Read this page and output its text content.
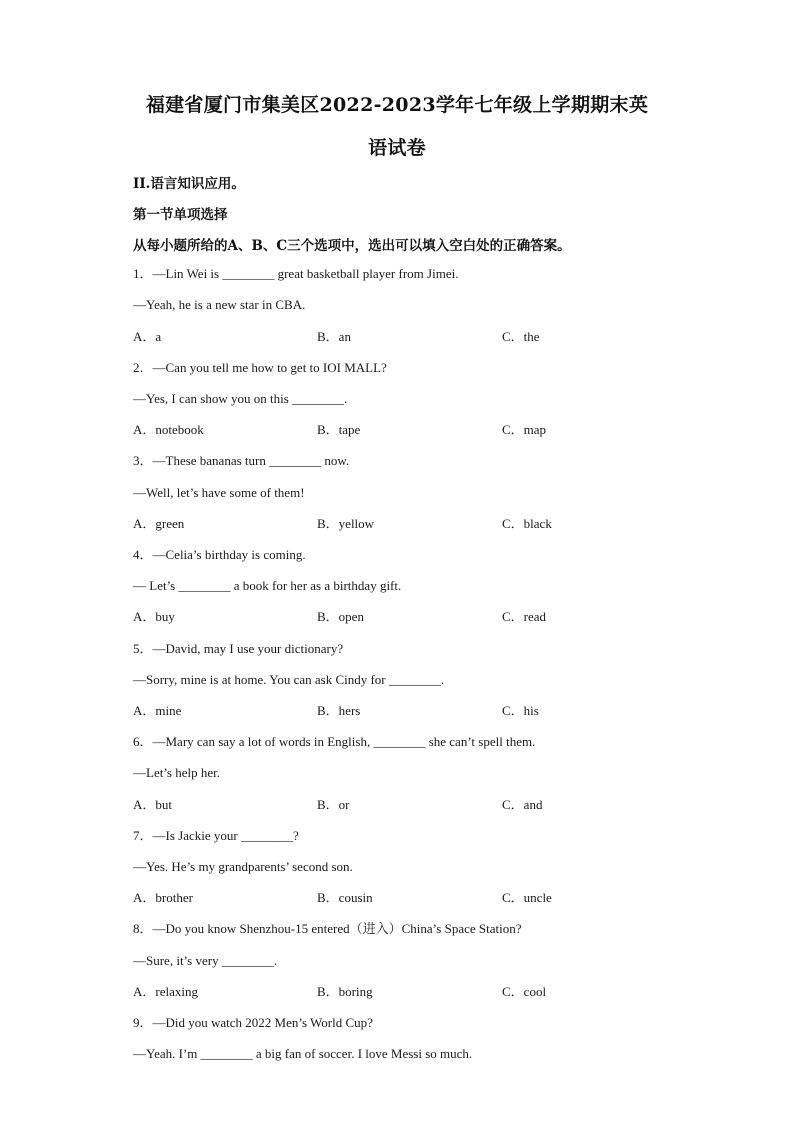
福建省厦门市集美区2022-2023学年七年级上学期期末英
语试卷
II.语言知识应用。
第一节单项选择
从每小题所给的A、B、C三个选项中，选出可以填入空白处的正确答案。
1．—Lin Wei is ________ great basketball player from Jimei.
—Yeah, he is a new star in CBA.
A．a	B．an	C．the
2．—Can you tell me how to get to IOI MALL?
—Yes, I can show you on this ________.
A．notebook	B．tape	C．map
3．—These bananas turn ________ now.
—Well, let’s have some of them!
A．green	B．yellow	C．black
4．—Celia’s birthday is coming.
— Let’s ________ a book for her as a birthday gift.
A．buy	B．open	C．read
5．—David, may I use your dictionary?
—Sorry, mine is at home. You can ask Cindy for ________.
A．mine	B．hers	C．his
6．—Mary can say a lot of words in English, ________ she can’t spell them.
—Let’s help her.
A．but	B．or	C．and
7．—Is Jackie your ________?
—Yes. He’s my grandparents’ second son.
A．brother	B．cousin	C．uncle
8．—Do you know Shenzhou-15 entered（进入）China’s Space Station?
—Sure, it’s very ________.
A．relaxing	B．boring	C．cool
9．—Did you watch 2022 Men’s World Cup?
—Yeah. I’m ________ a big fan of soccer. I love Messi so much.
